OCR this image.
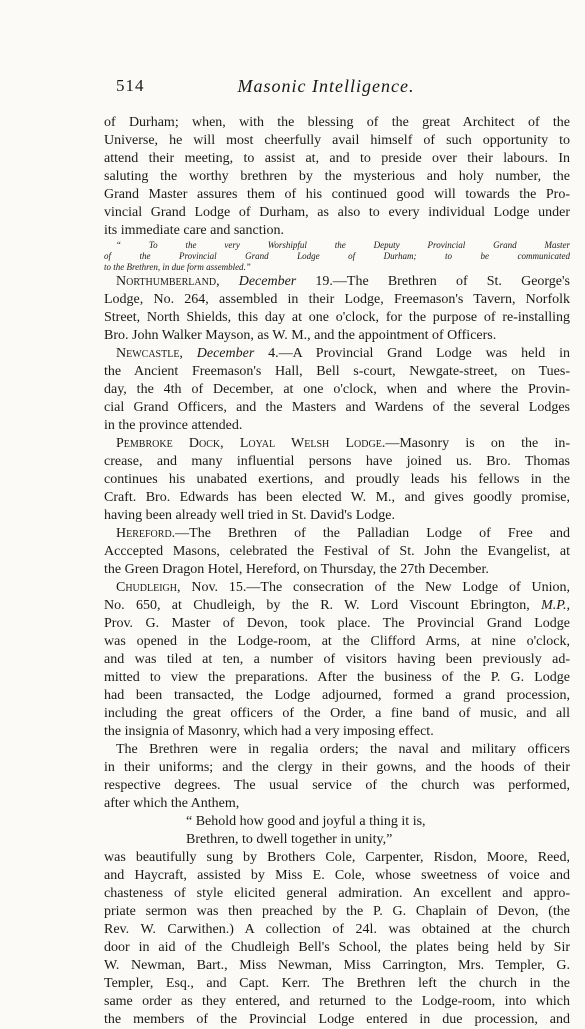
514	Masonic Intelligence.
of Durham; when, with the blessing of the great Architect of the
Universe, he will most cheerfully avail himself of such opportunity to
attend their meeting, to assist at, and to preside over their labours. In
saluting the worthy brethren by the mysterious and holy number, the
Grand Master assures them of his continued good will towards the Pro-
vincial Grand Lodge of Durham, as also to every individual Lodge under
its immediate care and sanction.
“ To the very Worshipful the Deputy Provincial Grand Master
of the Provincial Grand Lodge of Durham; to be communicated
to the Brethren, in due form assembled.”
Northumberland, December 19.—The Brethren of St. George's
Lodge, No. 264, assembled in their Lodge, Freemason's Tavern, Norfolk
Street, North Shields, this day at one o'clock, for the purpose of re-installing
Bro. John Walker Mayson, as W. M., and the appointment of Officers.
Newcastle, December 4.—A Provincial Grand Lodge was held in
the Ancient Freemason's Hall, Bell s-court, Newgate-street, on Tues-
day, the 4th of December, at one o'clock, when and where the Provin-
cial Grand Officers, and the Masters and Wardens of the several Lodges
in the province attended.
Pembroke Dock, Loyal Welsh Lodge.—Masonry is on the in-
crease, and many influential persons have joined us. Bro. Thomas
continues his unabated exertions, and proudly leads his fellows in the
Craft. Bro. Edwards has been elected W. M., and gives goodly promise,
having been already well tried in St. David's Lodge.
Hereford.—The Brethren of the Palladian Lodge of Free and
Acccepted Masons, celebrated the Festival of St. John the Evangelist, at
the Green Dragon Hotel, Hereford, on Thursday, the 27th December.
Chudleigh, Nov. 15.—The consecration of the New Lodge of Union,
No. 650, at Chudleigh, by the R. W. Lord Viscount Ebrington, M.P.,
Prov. G. Master of Devon, took place. The Provincial Grand Lodge
was opened in the Lodge-room, at the Clifford Arms, at nine o'clock,
and was tiled at ten, a number of visitors having been previously ad-
mitted to view the preparations. After the business of the P. G. Lodge
had been transacted, the Lodge adjourned, formed a grand procession,
including the great officers of the Order, a fine band of music, and all
the insignia of Masonry, which had a very imposing effect.
The Brethren were in regalia orders; the naval and military officers
in their uniforms; and the clergy in their gowns, and the hoods of their
respective degrees. The usual service of the church was performed,
after which the Anthem,
“ Behold how good and joyful a thing it is,
Brethren, to dwell together in unity,”
was beautifully sung by Brothers Cole, Carpenter, Risdon, Moore, Reed,
and Haycraft, assisted by Miss E. Cole, whose sweetness of voice and
chasteness of style elicited general admiration. An excellent and appro-
priate sermon was then preached by the P. G. Chaplain of Devon, (the
Rev. W. Carwithen.) A collection of 24l. was obtained at the church
door in aid of the Chudleigh Bell's School, the plates being held by Sir
W. Newman, Bart., Miss Newman, Miss Carrington, Mrs. Templer, G.
Templer, Esq., and Capt. Kerr. The Brethren left the church in the
same order as they entered, and returned to the Lodge-room, into which
the members of the Provincial Lodge entered in due procession, and
